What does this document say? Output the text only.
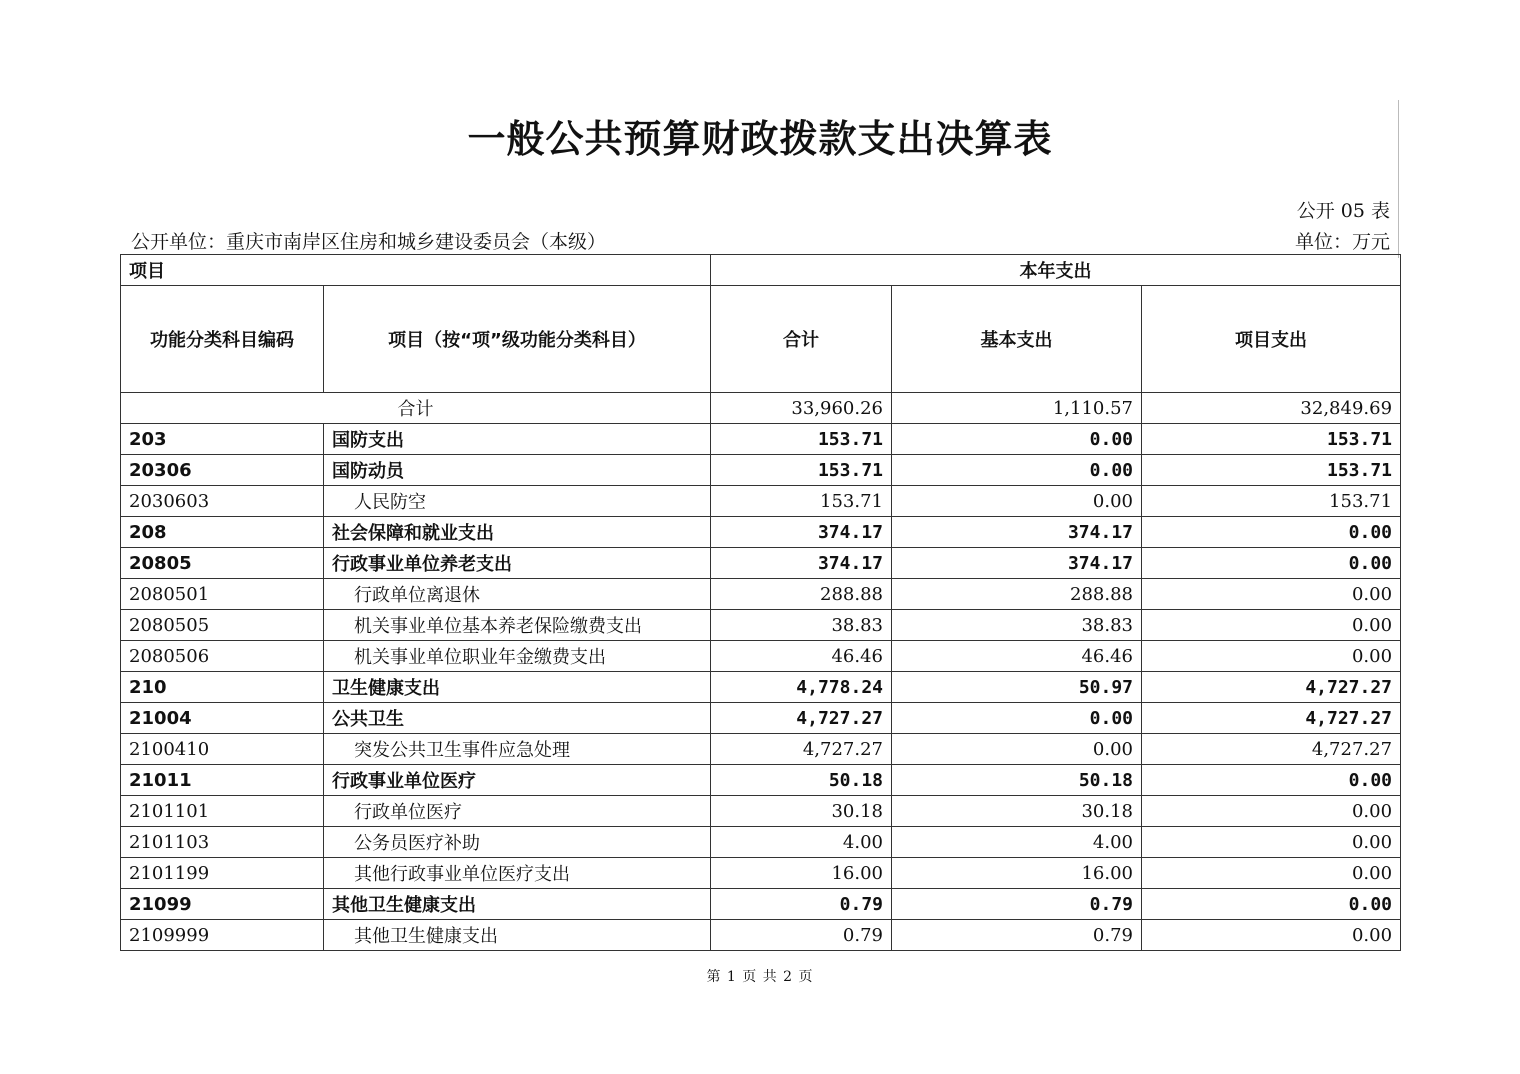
一般公共预算财政拨款支出决算表
公开 05 表
公开单位：重庆市南岸区住房和城乡建设委员会（本级）	单位：万元
项目		本年支出		
功能分类科目编码	项目（按“项”级功能分类科目）	合计	基本支出	项目支出
合计		33,960.26	1,110.57	32,849.69
203	国防支出	153.71	0.00	153.71
20306	国防动员	153.71	0.00	153.71
2030603	人民防空	153.71	0.00	153.71
208	社会保障和就业支出	374.17	374.17	0.00
20805	行政事业单位养老支出	374.17	374.17	0.00
2080501	行政单位离退休	288.88	288.88	0.00
2080505	机关事业单位基本养老保险缴费支出	38.83	38.83	0.00
2080506	机关事业单位职业年金缴费支出	46.46	46.46	0.00
210	卫生健康支出	4,778.24	50.97	4,727.27
21004	公共卫生	4,727.27	0.00	4,727.27
2100410	突发公共卫生事件应急处理	4,727.27	0.00	4,727.27
21011	行政事业单位医疗	50.18	50.18	0.00
2101101	行政单位医疗	30.18	30.18	0.00
2101103	公务员医疗补助	4.00	4.00	0.00
2101199	其他行政事业单位医疗支出	16.00	16.00	0.00
21099	其他卫生健康支出	0.79	0.79	0.00
2109999	其他卫生健康支出	0.79	0.79	0.00
第 1 页 共 2 页
